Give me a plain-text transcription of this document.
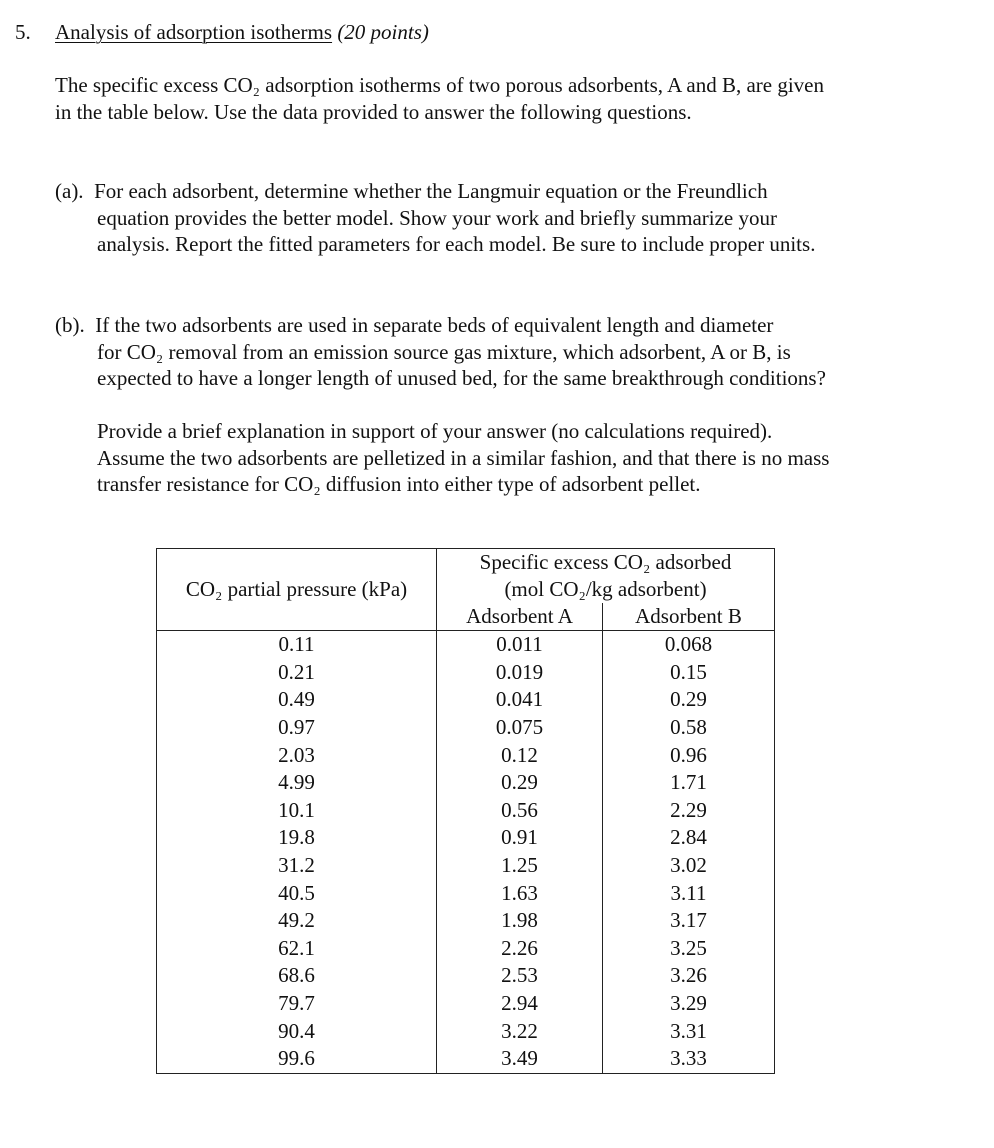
5. Analysis of adsorption isotherms (20 points)
The specific excess CO₂ adsorption isotherms of two porous adsorbents, A and B, are given
in the table below. Use the data provided to answer the following questions.
(a). For each adsorbent, determine whether the Langmuir equation or the Freundlich
equation provides the better model. Show your work and briefly summarize your
analysis. Report the fitted parameters for each model. Be sure to include proper units.
(b). If the two adsorbents are used in separate beds of equivalent length and diameter
for CO₂ removal from an emission source gas mixture, which adsorbent, A or B, is
expected to have a longer length of unused bed, for the same breakthrough conditions?
Provide a brief explanation in support of your answer (no calculations required).
Assume the two adsorbents are pelletized in a similar fashion, and that there is no mass
transfer resistance for CO₂ diffusion into either type of adsorbent pellet.
CO₂ partial pressure (kPa)	Specific excess CO₂ adsorbed
(mol CO₂/kg adsorbent)	

	Adsorbent A	Adsorbent B
0.11	0.011	0.068
0.21	0.019	0.15
0.49	0.041	0.29
0.97	0.075	0.58
2.03	0.12	0.96
4.99	0.29	1.71
10.1	0.56	2.29
19.8	0.91	2.84
31.2	1.25	3.02
40.5	1.63	3.11
49.2	1.98	3.17
62.1	2.26	3.25
68.6	2.53	3.26
79.7	2.94	3.29
90.4	3.22	3.31
99.6	3.49	3.33
